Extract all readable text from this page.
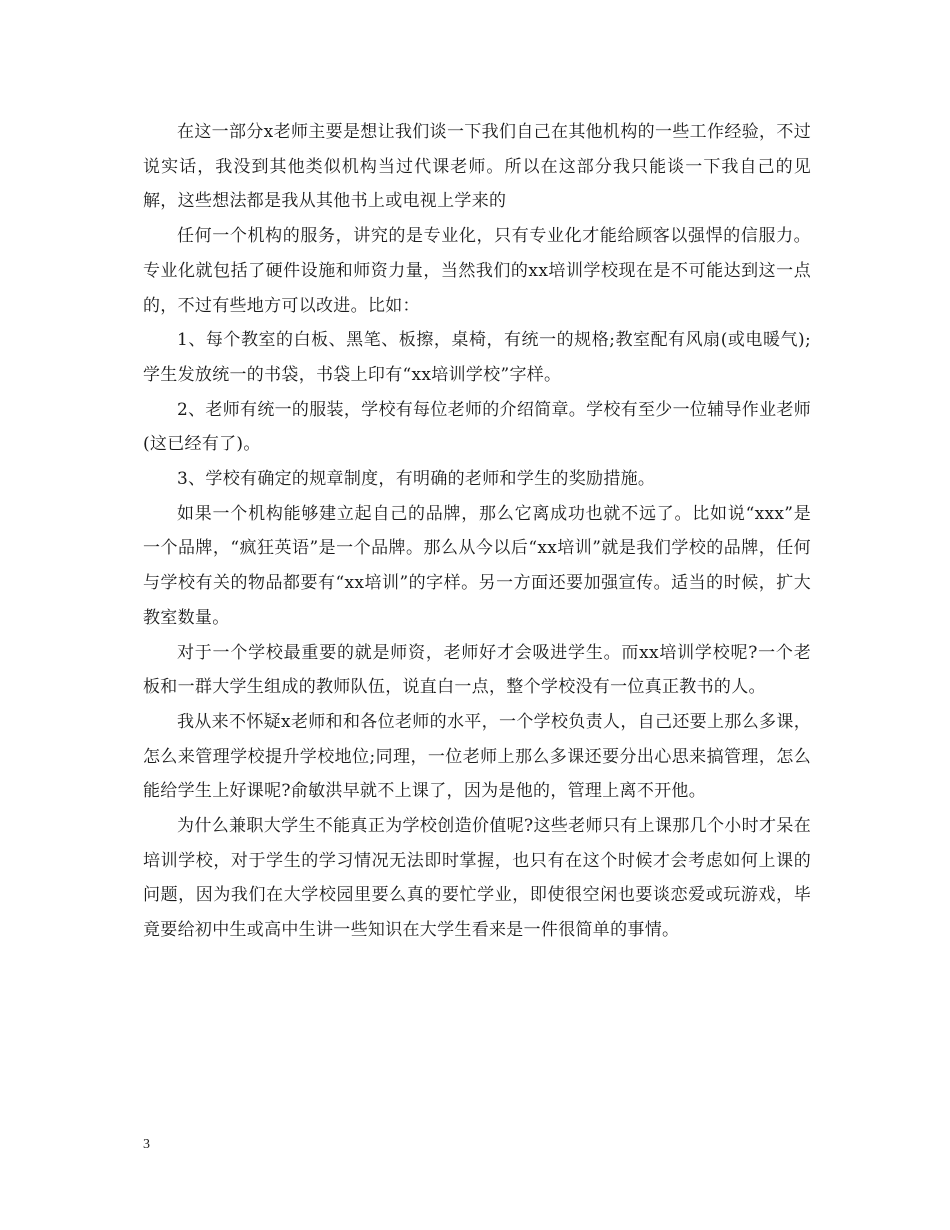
在这一部分x老师主要是想让我们谈一下我们自己在其他机构的一些工作经验，不过说实话，我没到其他类似机构当过代课老师。所以在这部分我只能谈一下我自己的见解，这些想法都是我从其他书上或电视上学来的

任何一个机构的服务，讲究的是专业化，只有专业化才能给顾客以强悍的信服力。专业化就包括了硬件设施和师资力量，当然我们的xx培训学校现在是不可能达到这一点的，不过有些地方可以改进。比如：

1、每个教室的白板、黑笔、板擦，桌椅，有统一的规格;教室配有风扇(或电暖气);学生发放统一的书袋，书袋上印有“xx培训学校”字样。

2、老师有统一的服装，学校有每位老师的介绍简章。学校有至少一位辅导作业老师(这已经有了)。

3、学校有确定的规章制度，有明确的老师和学生的奖励措施。

如果一个机构能够建立起自己的品牌，那么它离成功也就不远了。比如说“xxx”是一个品牌，“疯狂英语”是一个品牌。那么从今以后“xx培训”就是我们学校的品牌，任何与学校有关的物品都要有“xx培训”的字样。另一方面还要加强宣传。适当的时候，扩大教室数量。

对于一个学校最重要的就是师资，老师好才会吸进学生。而xx培训学校呢?一个老板和一群大学生组成的教师队伍，说直白一点，整个学校没有一位真正教书的人。

我从来不怀疑x老师和和各位老师的水平，一个学校负责人，自己还要上那么多课，怎么来管理学校提升学校地位;同理，一位老师上那么多课还要分出心思来搞管理，怎么能给学生上好课呢?俞敏洪早就不上课了，因为是他的，管理上离不开他。

为什么兼职大学生不能真正为学校创造价值呢?这些老师只有上课那几个小时才呆在培训学校，对于学生的学习情况无法即时掌握，也只有在这个时候才会考虑如何上课的问题，因为我们在大学校园里要么真的要忙学业，即使很空闲也要谈恋爱或玩游戏，毕竟要给初中生或高中生讲一些知识在大学生看来是一件很简单的事情。

3
